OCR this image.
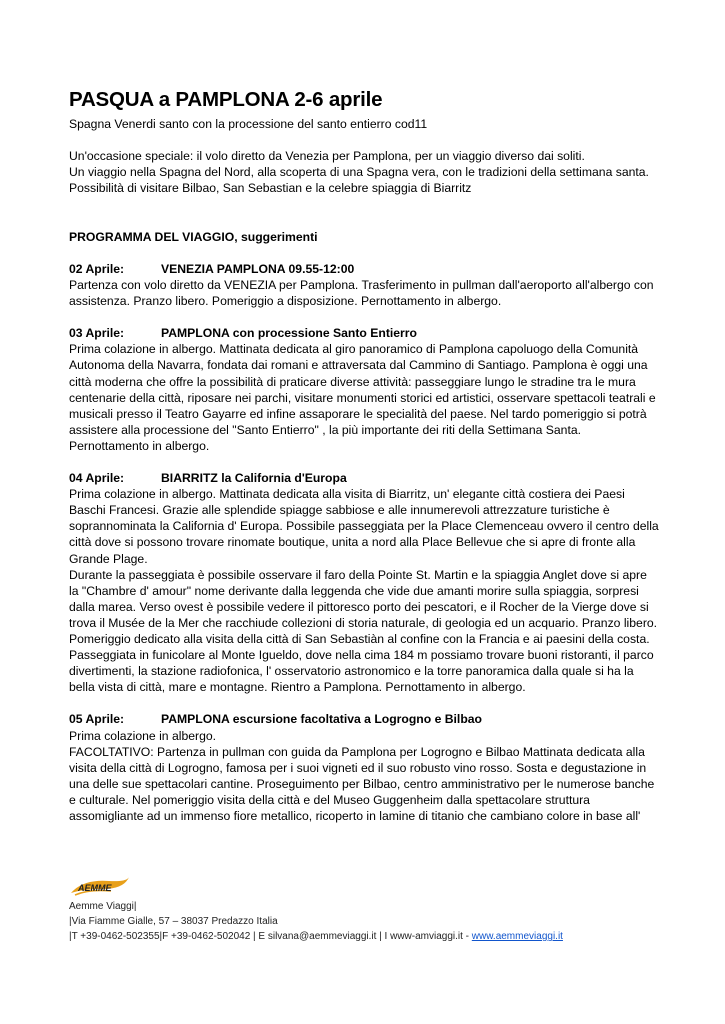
PASQUA a PAMPLONA 2-6 aprile

Spagna Venerdi santo con la processione del santo entierro cod11

Un'occasione speciale: il volo diretto da Venezia per Pamplona, per un viaggio diverso dai soliti.

Un viaggio nella Spagna del Nord, alla scoperta di una Spagna vera, con le tradizioni della settimana santa.

Possibilità di visitare Bilbao, San Sebastian e la celebre spiaggia di Biarritz

PROGRAMMA DEL VIAGGIO, suggerimenti

02 Aprile:	VENEZIA PAMPLONA 09.55-12:00

Partenza con volo diretto da VENEZIA per Pamplona. Trasferimento in pullman dall'aeroporto all'albergo con assistenza. Pranzo libero. Pomeriggio a disposizione. Pernottamento in albergo.

03 Aprile:	PAMPLONA con processione Santo Entierro

Prima colazione in albergo. Mattinata dedicata al giro panoramico di Pamplona capoluogo della Comunità Autonoma della Navarra, fondata dai romani e attraversata dal Cammino di Santiago. Pamplona è oggi una città moderna che offre la possibilità di praticare diverse attività: passeggiare lungo le stradine tra le mura centenarie della città, riposare nei parchi, visitare monumenti storici ed artistici, osservare spettacoli teatrali e musicali presso il Teatro Gayarre ed infine assaporare le specialità del paese. Nel tardo pomeriggio si potrà assistere alla processione del "Santo Entierro" , la più importante dei riti della Settimana Santa. Pernottamento in albergo.

04 Aprile:	BIARRITZ la California d'Europa

Prima colazione in albergo. Mattinata dedicata alla visita di Biarritz, un' elegante città costiera dei Paesi Baschi Francesi. Grazie alle splendide spiagge sabbiose e alle innumerevoli attrezzature turistiche è soprannominata la California d' Europa. Possibile passeggiata per la Place Clemenceau ovvero il centro della città dove si possono trovare rinomate boutique, unita a nord alla Place Bellevue che si apre di fronte alla Grande Plage.

Durante la passeggiata è possibile osservare il faro della Pointe St. Martin e la spiaggia Anglet dove si apre la "Chambre d' amour" nome derivante dalla leggenda che vide due amanti morire sulla spiaggia, sorpresi dalla marea. Verso ovest è possibile vedere il pittoresco porto dei pescatori, e il Rocher de la Vierge dove si trova il Musée de la Mer che racchiude collezioni di storia naturale, di geologia ed un acquario. Pranzo libero. Pomeriggio dedicato alla visita della città di San Sebastiàn al confine con la Francia e ai paesini della costa. Passeggiata in funicolare al Monte Igueldo, dove nella cima 184 m possiamo trovare buoni ristoranti, il parco divertimenti, la stazione radiofonica, l' osservatorio astronomico e la torre panoramica dalla quale si ha la bella vista di città, mare e montagne. Rientro a Pamplona. Pernottamento in albergo.

05 Aprile:	PAMPLONA escursione facoltativa a Logrogno e Bilbao

Prima colazione in albergo.

FACOLTATIVO: Partenza in pullman con guida da Pamplona per Logrogno e Bilbao Mattinata dedicata alla visita della città di Logrogno, famosa per i suoi vigneti ed il suo robusto vino rosso. Sosta e degustazione in una delle sue spettacolari cantine. Proseguimento per Bilbao, centro amministrativo per le numerose banche e culturale. Nel pomeriggio visita della città e del Museo Guggenheim dalla spettacolare struttura assomigliante ad un immenso fiore metallico, ricoperto in lamine di titanio che cambiano colore in base all'

AEMME
Aemme Viaggi|
|Via Fiamme Gialle, 57 – 38037 Predazzo Italia
|T +39-0462-502355|F +39-0462-502042 | E silvana@aemmeviaggi.it | I www-amviaggi.it - www.aemmeviaggi.it
